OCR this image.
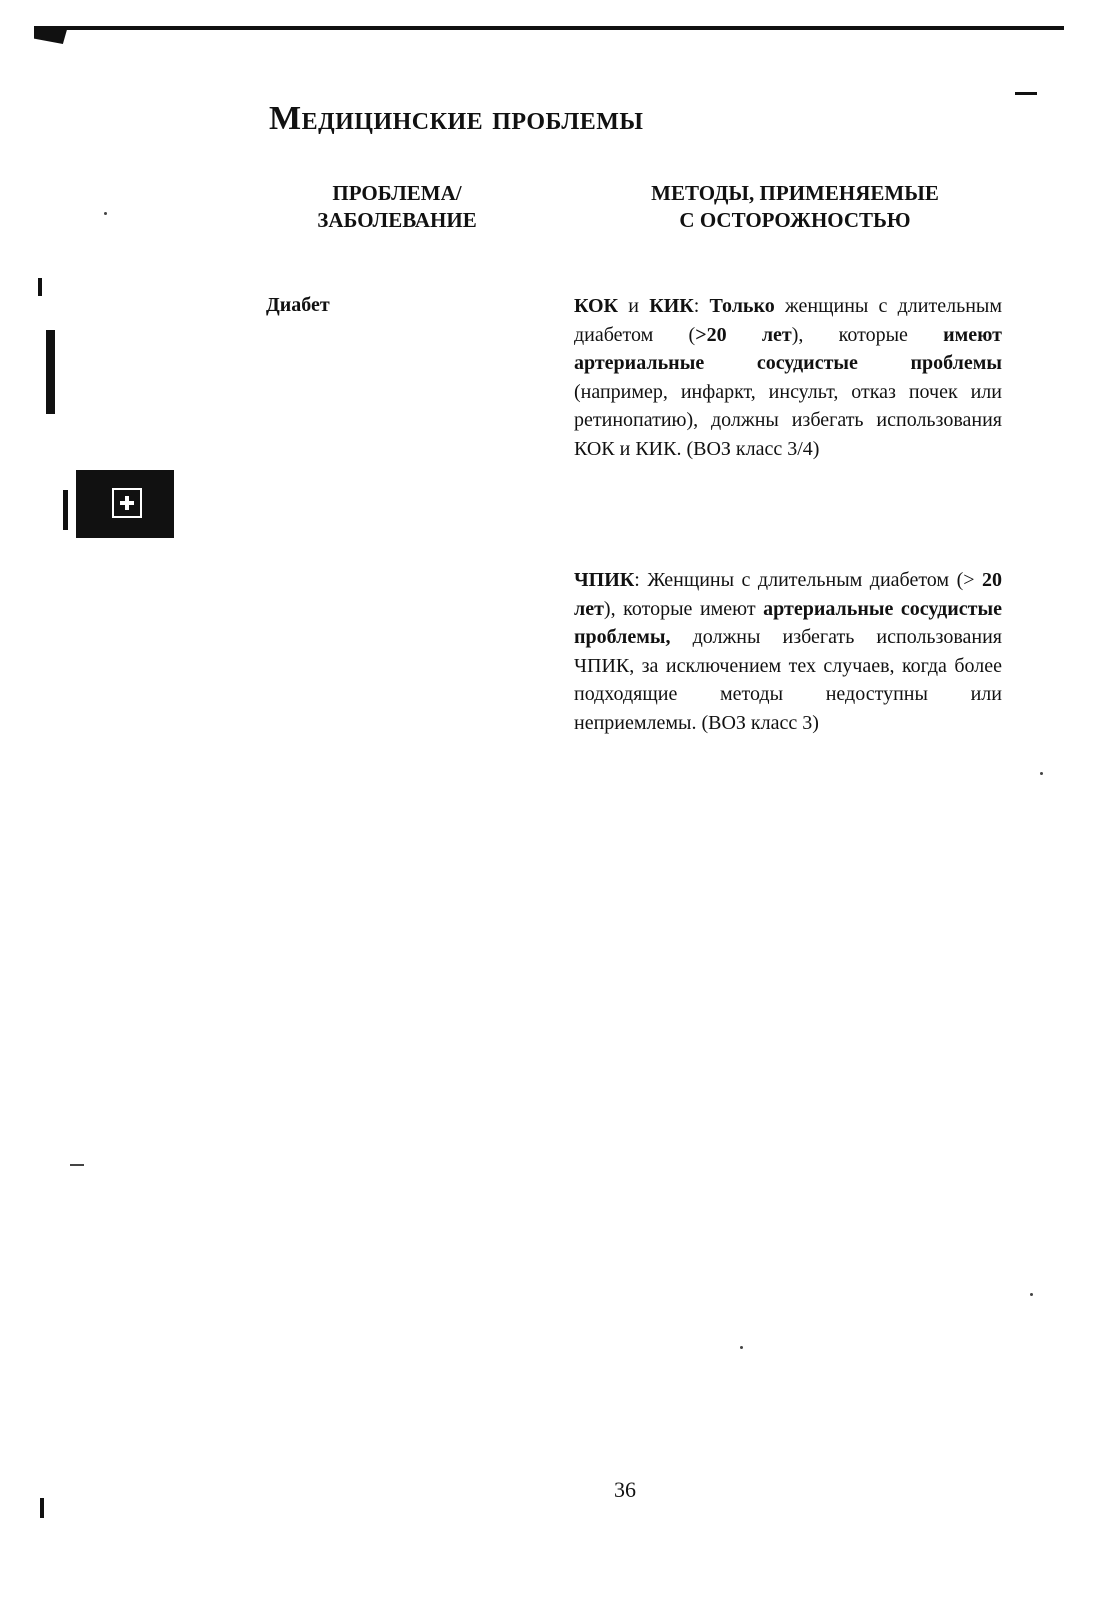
Медицинские проблемы
ПРОБЛЕМА/
ЗАБОЛЕВАНИЕ
МЕТОДЫ, ПРИМЕНЯЕМЫЕ
С ОСТОРОЖНОСТЬЮ
Диабет	КОК и КИК: Только женщины с длительным диабетом (>20 лет), которые имеют артериальные сосудистые проблемы (например, инфаркт, инсульт, отказ почек или ретинопатию), должны избегать использования КОК и КИК. (ВОЗ класс 3/4)
ЧПИК: Женщины с длительным диабетом (> 20 лет), которые имеют артериальные сосудистые проблемы, должны избегать использования ЧПИК, за исключением тех случаев, когда более подходящие методы недоступны или неприемлемы. (ВОЗ класс 3)
36
